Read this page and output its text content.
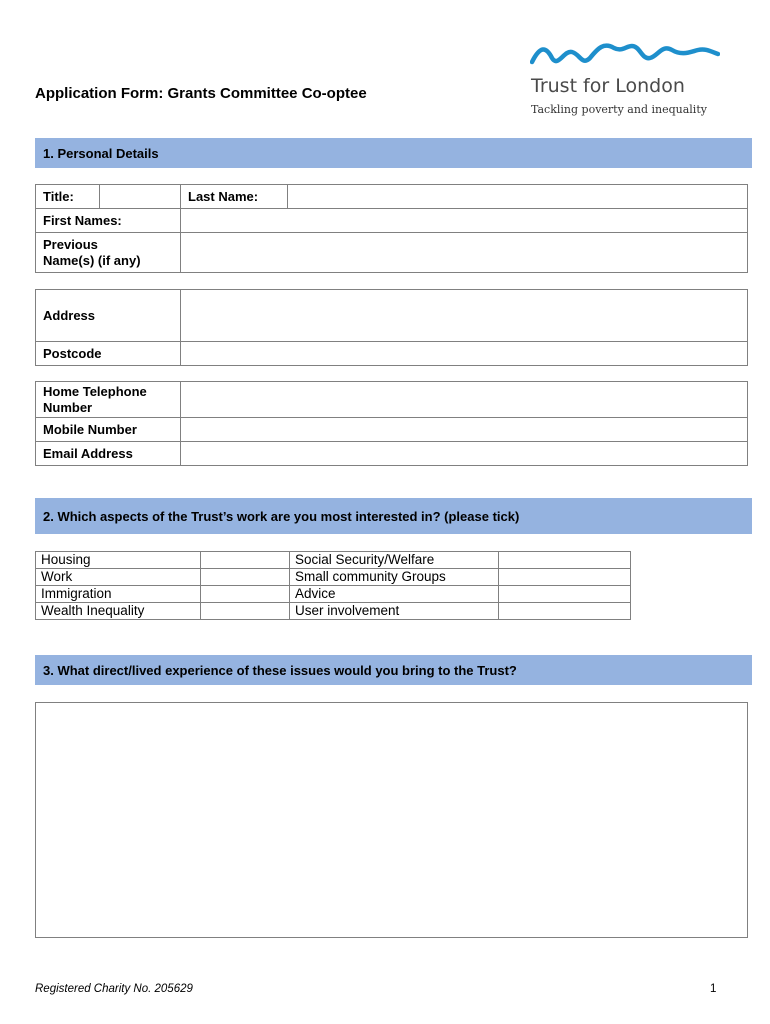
Application Form: Grants Committee Co-optee	Trust for London
Tackling poverty and inequality
1. Personal Details
Title:		Last Name:	
First Names:			
Previous
Name(s) (if any)			
Address	
Postcode	
Home Telephone
Number	
Mobile Number	
Email Address	
2. Which aspects of the Trust’s work are you most interested in? (please tick)
Housing		Social Security/Welfare	
Work		Small community Groups	
Immigration		Advice	
Wealth Inequality		User involvement	
3. What direct/lived experience of these issues would you bring to the Trust?
Registered Charity No. 205629	1
